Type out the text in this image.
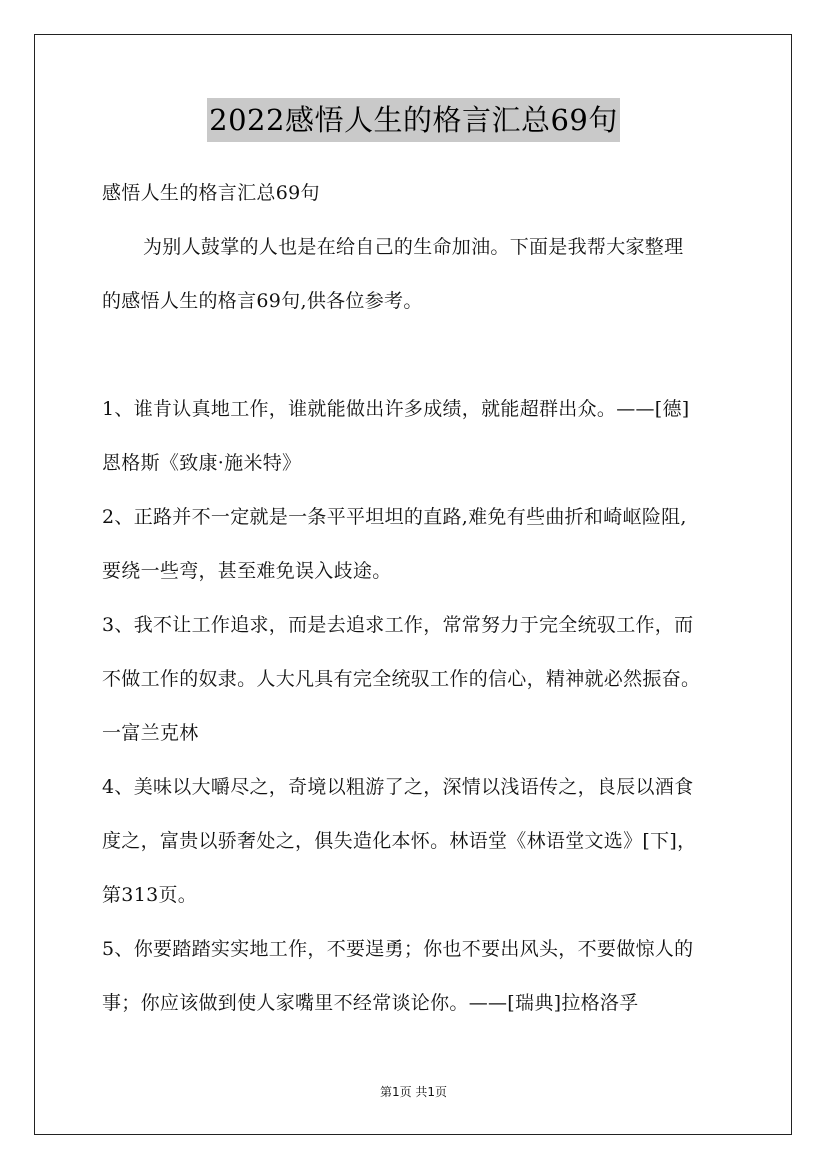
2022感悟人生的格言汇总69句
感悟人生的格言汇总69句
为别人鼓掌的人也是在给自己的生命加油。下面是我帮大家整理
的感悟人生的格言69句,供各位参考。
1、谁肯认真地工作，谁就能做出许多成绩，就能超群出众。——[德]
恩格斯《致康·施米特》
2、正路并不一定就是一条平平坦坦的直路,难免有些曲折和崎岖险阻,
要绕一些弯，甚至难免误入歧途。
3、我不让工作追求，而是去追求工作，常常努力于完全统驭工作，而
不做工作的奴隶。人大凡具有完全统驭工作的信心，精神就必然振奋。
一富兰克林
4、美味以大嚼尽之，奇境以粗游了之，深情以浅语传之，良辰以酒食
度之，富贵以骄奢处之，俱失造化本怀。林语堂《林语堂文选》[下]，
第313页。
5、你要踏踏实实地工作，不要逞勇；你也不要出风头，不要做惊人的
事；你应该做到使人家嘴里不经常谈论你。——[瑞典]拉格洛孚
第1页 共1页
